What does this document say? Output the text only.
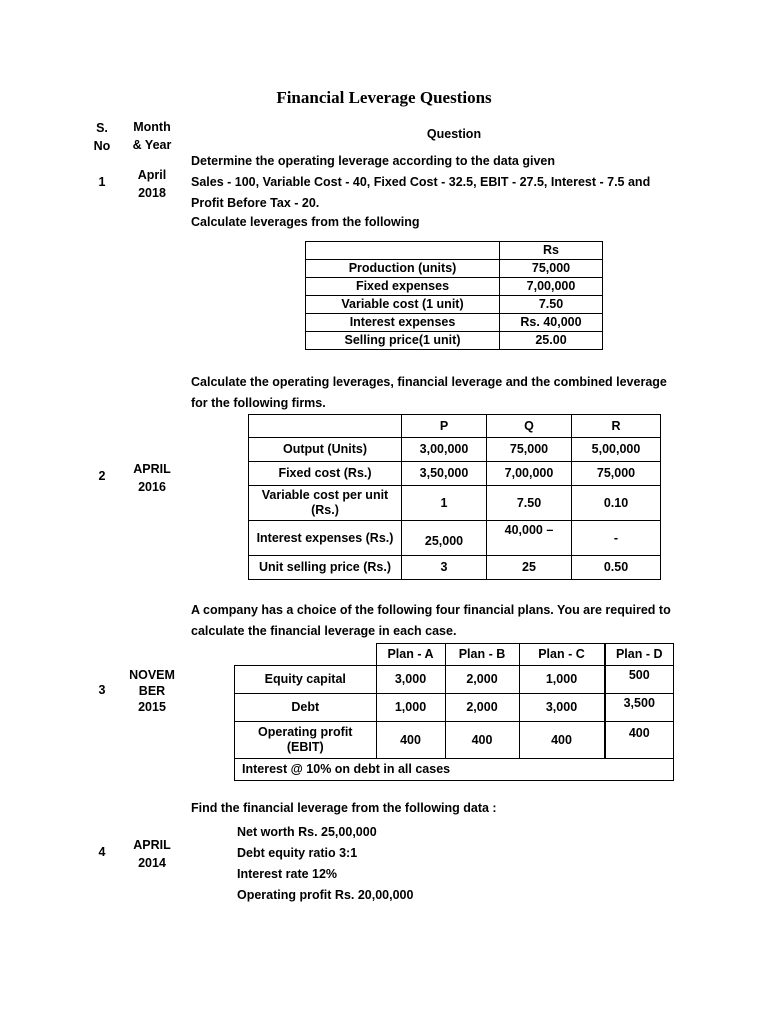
Financial Leverage Questions
S.
No
Month
& Year
Question
1	April
2018
Determine the operating leverage according to the data given
Sales - 100, Variable Cost - 40, Fixed Cost - 32.5, EBIT - 27.5, Interest - 7.5 and
Profit Before Tax - 20.
Calculate leverages from the following
	Rs
Production (units)	75,000
Fixed expenses	7,00,000
Variable cost (1 unit)	7.50
Interest expenses	Rs. 40,000
Selling price(1 unit)	25.00
Calculate the operating leverages, financial leverage and the combined leverage
for the following firms.
2	APRIL
2016
	P	Q	R
Output (Units)	3,00,000	75,000	5,00,000
Fixed cost (Rs.)	3,50,000	7,00,000	75,000
Variable cost per unit (Rs.)	1	7.50	0.10
Interest expenses (Rs.)	25,000	40,000 –	-
Unit selling price (Rs.)	3	25	0.50
A company has a choice of the following four financial plans. You are required to
calculate the financial leverage in each case.
3
NOVEM
BER
2015
	Plan - A	Plan - B	Plan - C	Plan - D
Equity capital	3,000	2,000	1,000	500
Debt	1,000	2,000	3,000	3,500
Operating profit (EBIT)	400	400	400	400
Interest @ 10% on debt in all cases				
Find the financial leverage from the following data :
4	APRIL
2014
Net worth Rs. 25,00,000
Debt equity ratio 3:1
Interest rate 12%
Operating profit Rs. 20,00,000
